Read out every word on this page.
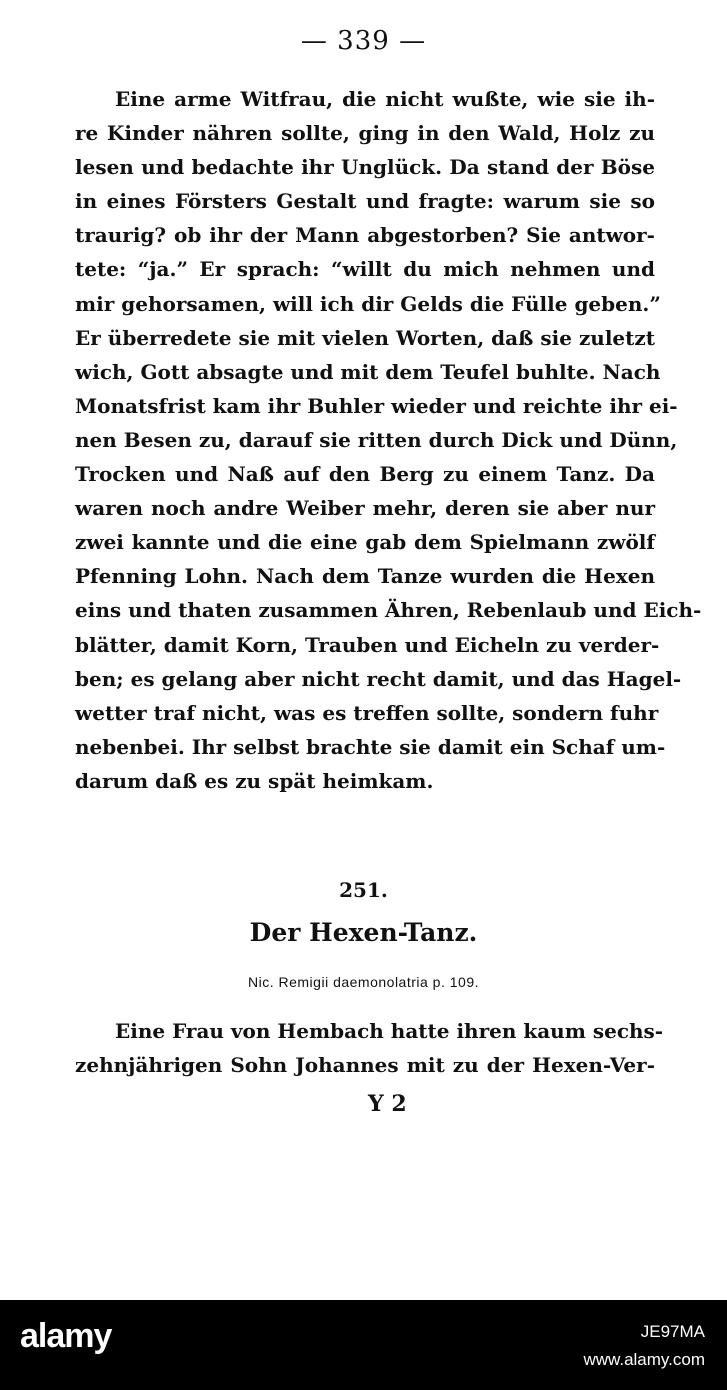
— 339 —
Eine arme Witfrau, die nicht wußte, wie sie ih-
re Kinder nähren sollte, ging in den Wald, Holz zu
lesen und bedachte ihr Unglück. Da stand der Böse
in eines Försters Gestalt und fragte: warum sie so
traurig? ob ihr der Mann abgestorben? Sie antwor-
tete: “ja.” Er sprach: “willt du mich nehmen und
mir gehorsamen, will ich dir Gelds die Fülle geben.”
Er überredete sie mit vielen Worten, daß sie zuletzt
wich, Gott absagte und mit dem Teufel buhlte. Nach
Monatsfrist kam ihr Buhler wieder und reichte ihr ei-
nen Besen zu, darauf sie ritten durch Dick und Dünn,
Trocken und Naß auf den Berg zu einem Tanz. Da
waren noch andre Weiber mehr, deren sie aber nur
zwei kannte und die eine gab dem Spielmann zwölf
Pfenning Lohn. Nach dem Tanze wurden die Hexen
eins und thaten zusammen Ähren, Rebenlaub und Eich-
blätter, damit Korn, Trauben und Eicheln zu verder-
ben; es gelang aber nicht recht damit, und das Hagel-
wetter traf nicht, was es treffen sollte, sondern fuhr
nebenbei. Ihr selbst brachte sie damit ein Schaf um-
darum daß es zu spät heimkam.
251.
Der Hexen-Tanz.
Nic. Remigii daemonolatria p. 109.
Eine Frau von Hembach hatte ihren kaum sechs-
zehnjährigen Sohn Johannes mit zu der Hexen-Ver-
Y 2
alamy	JE97MA
www.alamy.com
